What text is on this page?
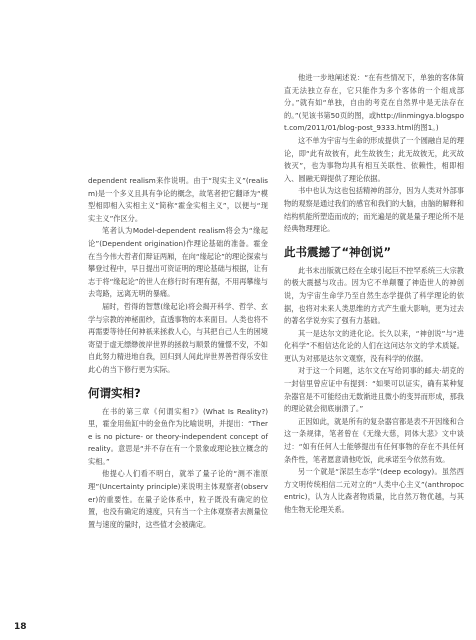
dependent realism来作说明。由于“现实主义”(realism)是一个多义且具有争论的概念，故笔者把它翻译为“模型相即相入实相主义”简称“霍金实相主义”，以便与“现实主义”作区分。

笔者认为Model-dependent realism将会为“缘起论”(Dependent origination)作理论基础的准备。霍金在当今伟大哲者们辩证两厢，在向“缘起论”的理论探索与攀登过程中，早日提出可资证明的理论基础与根据，让有志于将“缘起论”的世人在修行时有理有据，不用再攀缘与去弯路，远离无明的暴痛。

届时，哲得的智慧(缘起论)将会揭开科学、哲学、玄学与宗教的神秘面纱，直透事物的本来面目。人类也将不再需要等待任何神祇来拯救人心，与其把自己人生的困境寄望于虚无缥缈彼岸世界的拯救与顺景的憧憬不安，不如自此努力精进地自我，回归到人间此岸世界善哲得乐安住此心的当下修行更为实际。

何谓实相?

在书的第三章《何谓实相?》(What Is Reality?)里，霍金用鱼缸中的金鱼作为比喻说明，并提出：“There is no picture- or theory-independent concept of reality。意思是“并不存在有一个景象或理论独立概念的实相。”

他提心人们看不明白，就举了量子论的“测不准原理”(Uncertainty principle)来说明主体观察者(observer)的重要性。在量子论体系中，粒子既没有确定的位置，也没有确定的速度，只有当一个主体观察者去测量位置与速度的量时，这些值才会被确定。

他进一步地阐述说：“在有些情况下，单独的客体简直无法独立存在，它只能作为多个客体的一个组成部分。”就有如“单独，自由的考克在自然界中是无法存在的。”(见该书第50页的图，或http://linmingya.blogspot.com/2011/01/blog-post_9333.html的图1。)

这不单为宇宙与生命的形成提供了一个圆融自足的理论，即“此有故彼有，此生故彼生；此无故彼无，此灭故彼灭”，也为事物均具有相互关联性、依赖性，相即相入、圆融无碍提供了理论依据。

书中也认为这也包括精神的部分，因为人类对外部事物的观察是通过我们的感官和我们的大脑，由脑的解释和结构机能所塑造而成的；而光遍是的就是量子理论所不是经典物理理论。

此书震撼了“神创说”

此书未出版就已经在全球引起巨不控罕系统三大宗教的极大震撼与攻击。因为它不单颠覆了神造世人的神创说，为宇宙生命学乃至自然生态学提供了科学理论的依据，也将对未来人类思维的方式产生重大影响，更为过去的著名学说夯实了强有力基础。

其一是达尔文的进化论。长久以来，“神创说”与“进化科学”不相信达化论的人们在这问达尔文的学术质疑。更认为对那是达尔文观察，没有科学的依据。

对于这一个问题，达尔文在写给同事的邮夫·胡克的一封信里曾应证中有提到：“如果可以证实，确有某种复杂器官是不可能经由无数渐进且微小的变异而形成，那我的理论就会彻底崩溃了。”

正因如此，就是所有的复杂器官都是表不开因缘和合这一条规律，笔者曾在《无缘大慈，同体大悲》文中谈过：“如有任何人士能够提出有任何事物的存在不具任何条件性，笔者愿意请他吃饭，此承诺至今依然有效。

另一个就是“深层生态学”(deep ecology)。虽然西方文明传统相信二元对立的“人类中心主义”(anthropocentric)，认为人比森者物质量，比自然万物优越，与其他生物无伦理关系。

18
